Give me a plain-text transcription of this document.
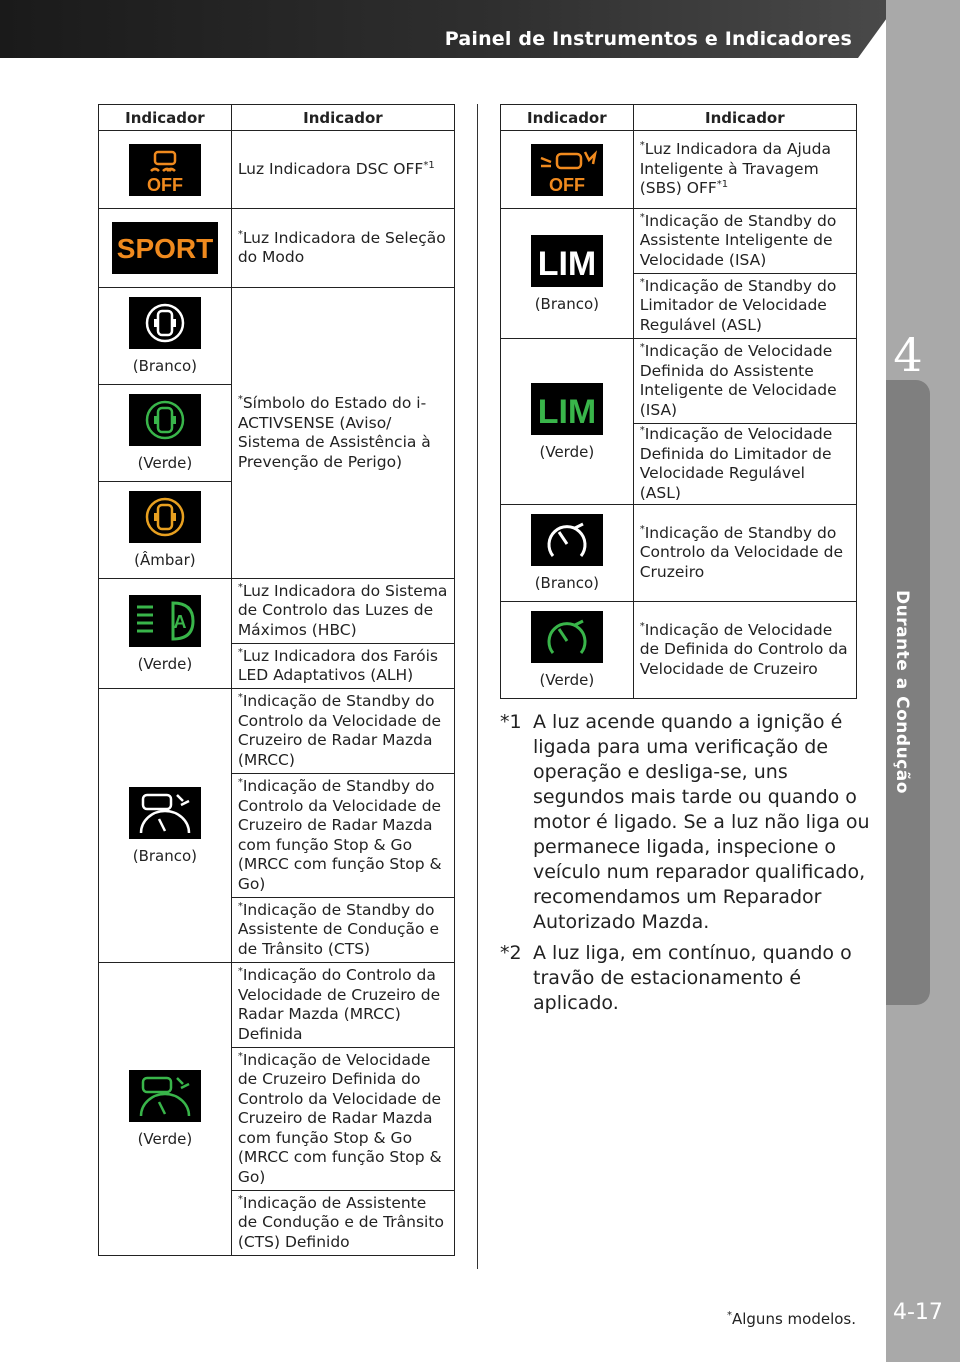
Painel de Instrumentos e Indicadores
4
Durante a Condução
4-17
Indicador	Indicador

OFF	Luz Indicadora DSC OFF$^{*1}$

SPORT	*Luz Indicadora de Seleção do Modo

(Branco)	*Símbolo do Estado do i-ACTIVSENSE (Aviso/ Sistema de Assistência à Prevenção de Perigo)

(Verde)	

(Âmbar)	

A
(Verde)	*Luz Indicadora do Sistema de Controlo das Luzes de Máximos (HBC)
	*Luz Indicadora dos Faróis LED Adaptativos (ALH)

(Branco)	*Indicação de Standby do Controlo da Velocidade de Cruzeiro de Radar Mazda (MRCC)
	*Indicação de Standby do Controlo da Velocidade de Cruzeiro de Radar Mazda com função Stop & Go (MRCC com função Stop & Go)
	*Indicação de Standby do Assistente de Condução e de Trânsito (CTS)

(Verde)	*Indicação do Controlo da Velocidade de Cruzeiro de Radar Mazda (MRCC) Definida
	*Indicação de Velocidade de Cruzeiro Definida do Controlo da Velocidade de Cruzeiro de Radar Mazda com função Stop & Go (MRCC com função Stop & Go)
	*Indicação de Assistente de Condução e de Trânsito (CTS) Definido
Indicador	Indicador

OFF	*Luz Indicadora da Ajuda Inteligente à Travagem (SBS) OFF$^{*1}$

LIM
(Branco)	*Indicação de Standby do Assistente Inteligente de Velocidade (ISA)
	*Indicação de Standby do Limitador de Velocidade Regulável (ASL)

LIM
(Verde)	*Indicação de Velocidade Definida do Assistente Inteligente de Velocidade (ISA)
	*Indicação de Velocidade Definida do Limitador de Velocidade Regulável (ASL)

(Branco)	*Indicação de Standby do Controlo da Velocidade de Cruzeiro

(Verde)	*Indicação de Velocidade de Definida do Controlo da Velocidade de Cruzeiro
*1 A luz acende quando a ignição é ligada para uma verificação de operação e desliga-se, uns segundos mais tarde ou quando o motor é ligado. Se a luz não liga ou permanece ligada, inspecione o veículo num reparador qualificado, recomendamos um Reparador Autorizado Mazda.
*2 A luz liga, em contínuo, quando o travão de estacionamento é aplicado.
*Alguns modelos.
